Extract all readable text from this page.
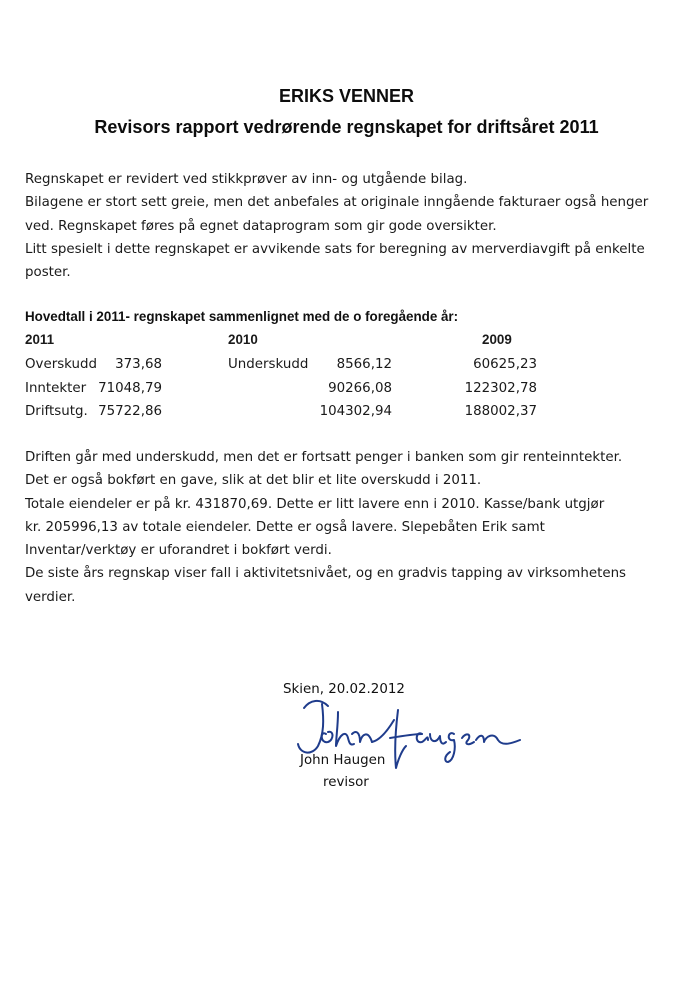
ERIKS VENNER
Revisors rapport vedrørende regnskapet for driftsåret 2011

Regnskapet er revidert ved stikkprøver av inn- og utgående bilag.

Bilagene er stort sett greie, men det anbefales at originale inngående fakturaer også henger

ved. Regnskapet føres på egnet dataprogram som gir gode oversikter.

Litt spesielt i dette regnskapet er avvikende sats for beregning av merverdiavgift på enkelte

poster.

Hovedtall i 2011- regnskapet sammenlignet med de o foregående år:
2011	2010	2009
Overskudd	373,68	Underskudd	8566,12	60625,23
Inntekter 71048,79	90266,08	122302,78
Driftsutg. 75722,86	104302,94	188002,37

Driften går med underskudd, men det er fortsatt penger i banken som gir renteinntekter.

Det er også bokført en gave, slik at det blir et lite overskudd i 2011.

Totale eiendeler er på kr. 431870,69. Dette er litt lavere enn i 2010. Kasse/bank utgjør

kr. 205996,13 av totale eiendeler. Dette er også lavere. Slepebåten Erik samt

Inventar/verktøy er uforandret i bokført verdi.

De siste års regnskap viser fall i aktivitetsnivået, og en gradvis tapping av virksomhetens

verdier.

Skien, 20.02.2012
John Haugen
revisor
